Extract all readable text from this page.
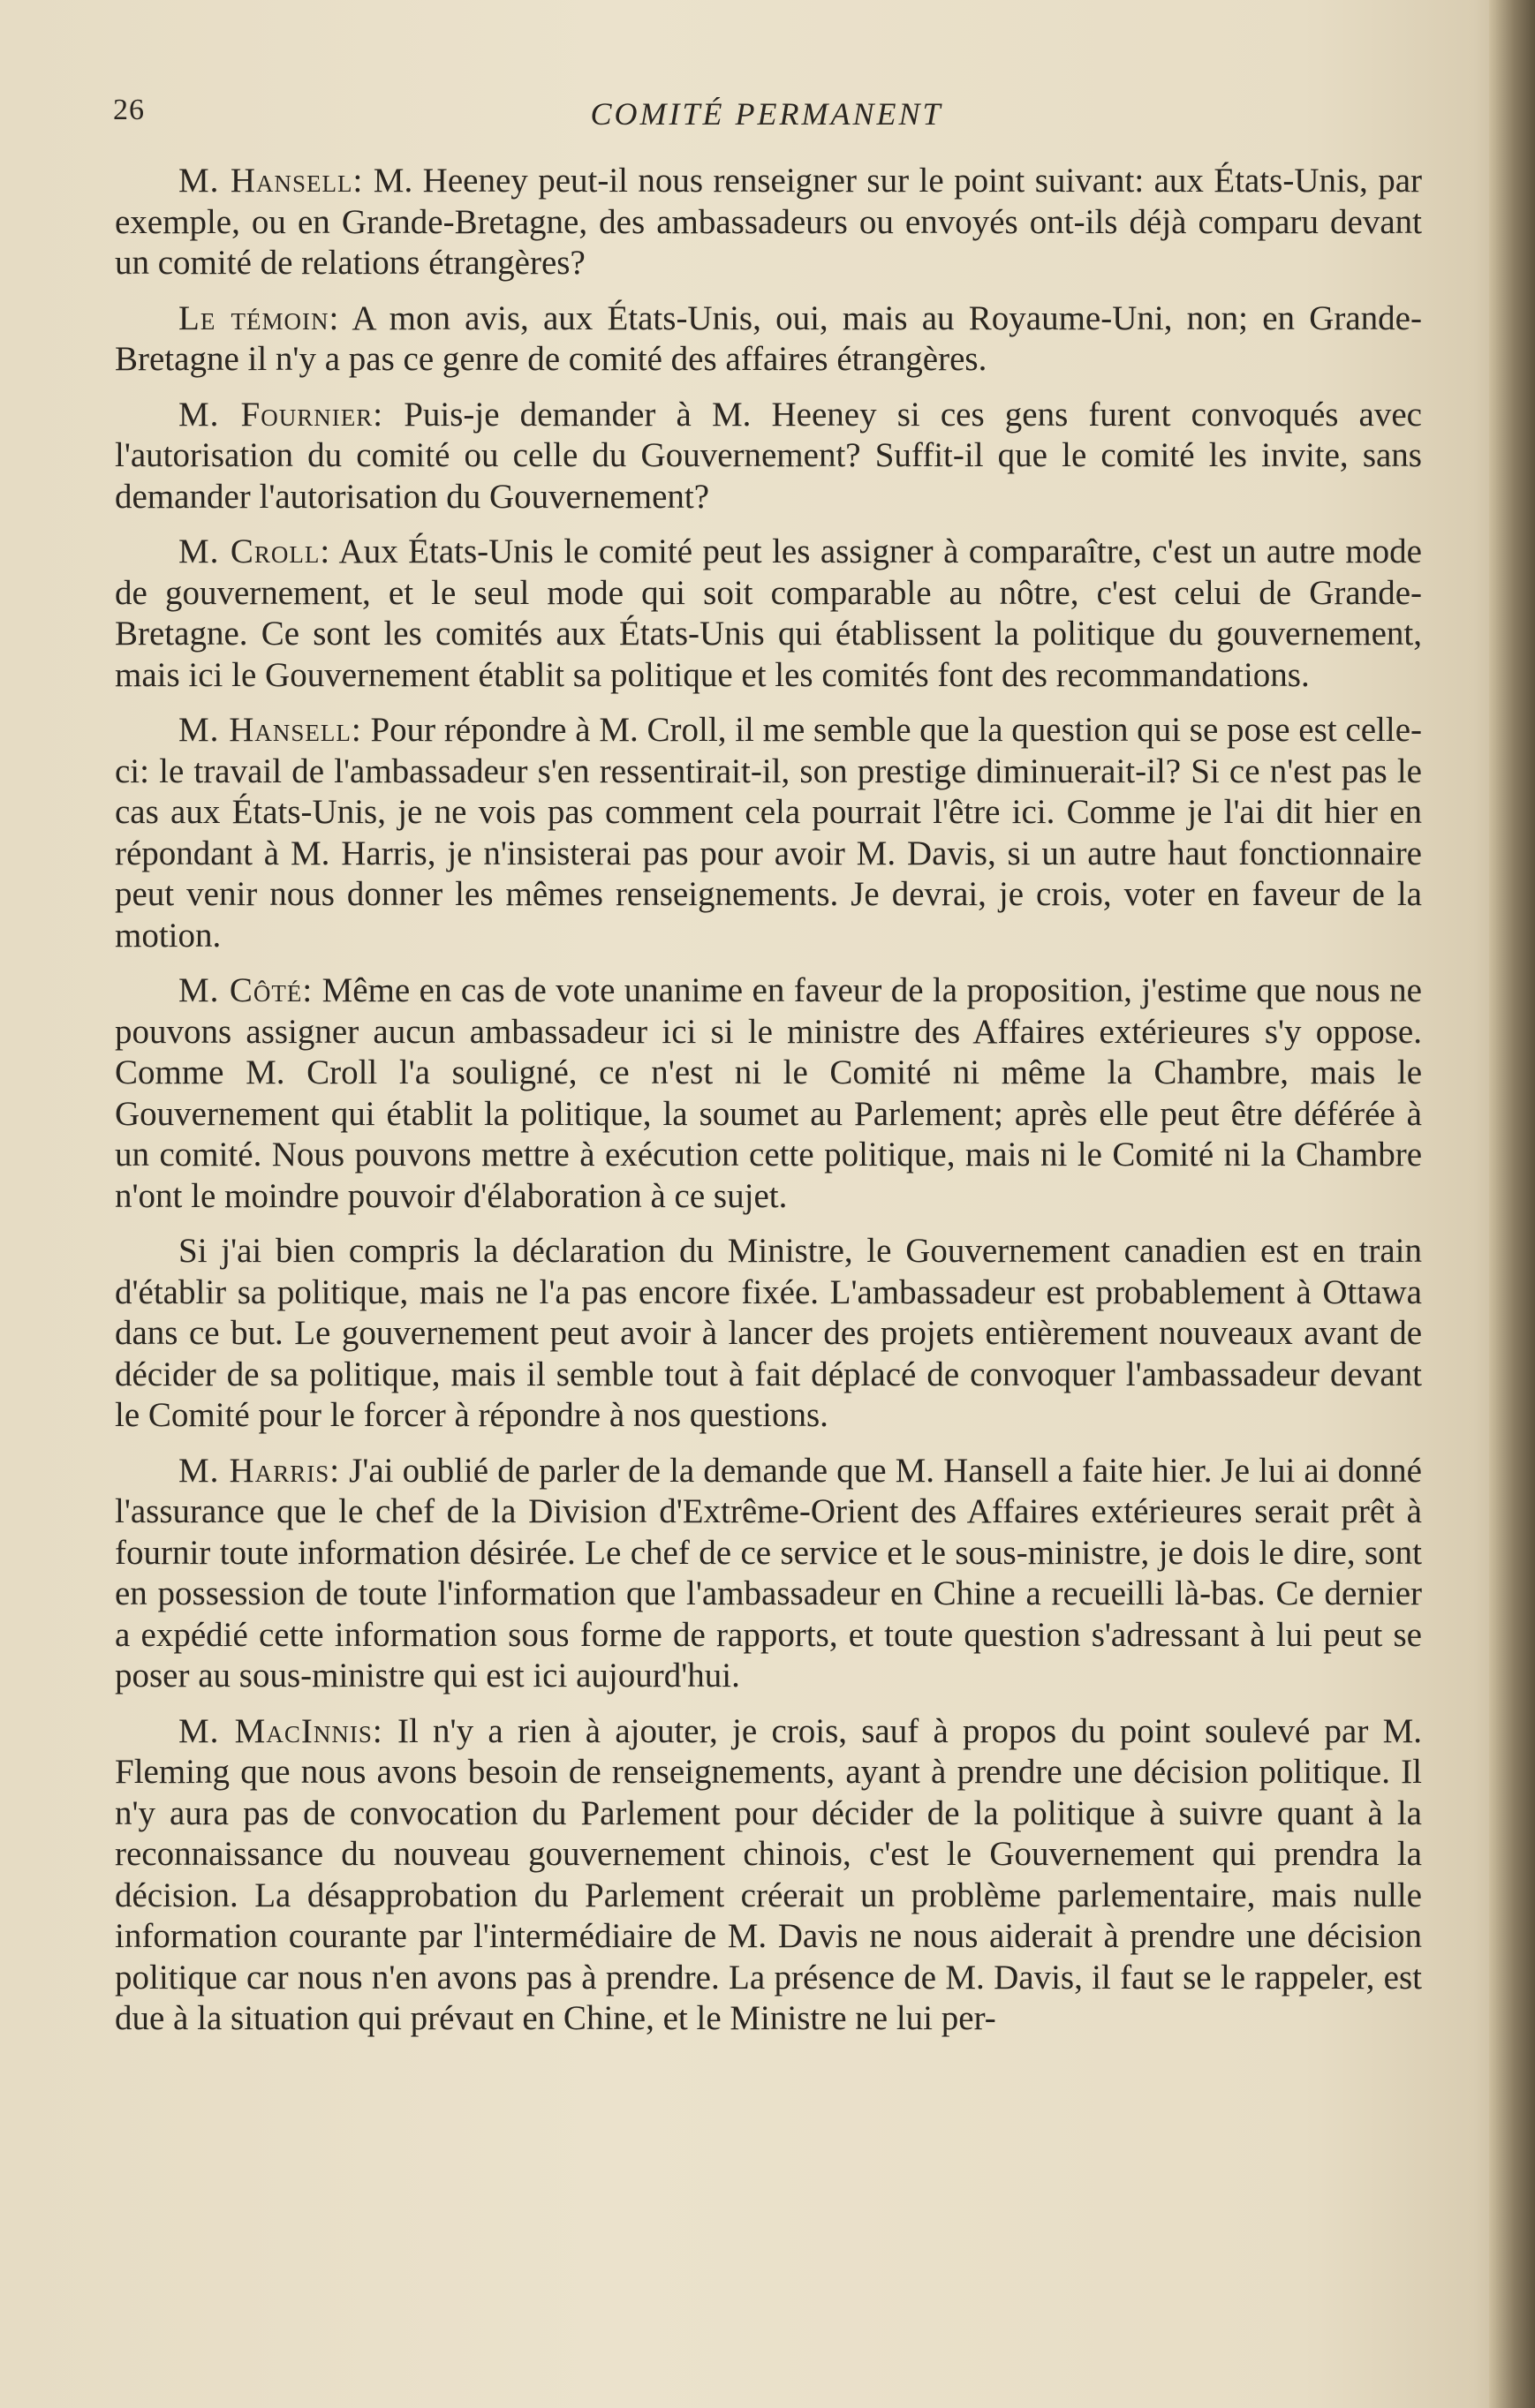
26	COMITÉ PERMANENT

M. Hansell: M. Heeney peut-il nous renseigner sur le point suivant: aux États-Unis, par exemple, ou en Grande-Bretagne, des ambassadeurs ou envoyés ont-ils déjà comparu devant un comité de relations étrangères?

Le témoin: A mon avis, aux États-Unis, oui, mais au Royaume-Uni, non; en Grande-Bretagne il n'y a pas ce genre de comité des affaires étrangères.

M. Fournier: Puis-je demander à M. Heeney si ces gens furent convoqués avec l'autorisation du comité ou celle du Gouvernement? Suffit-il que le comité les invite, sans demander l'autorisation du Gouvernement?

M. Croll: Aux États-Unis le comité peut les assigner à comparaître, c'est un autre mode de gouvernement, et le seul mode qui soit comparable au nôtre, c'est celui de Grande-Bretagne. Ce sont les comités aux États-Unis qui établissent la politique du gouvernement, mais ici le Gouvernement établit sa politique et les comités font des recommandations.

M. Hansell: Pour répondre à M. Croll, il me semble que la question qui se pose est celle-ci: le travail de l'ambassadeur s'en ressentirait-il, son prestige diminuerait-il? Si ce n'est pas le cas aux États-Unis, je ne vois pas comment cela pourrait l'être ici. Comme je l'ai dit hier en répondant à M. Harris, je n'insisterai pas pour avoir M. Davis, si un autre haut fonctionnaire peut venir nous donner les mêmes renseignements. Je devrai, je crois, voter en faveur de la motion.

M. Côté: Même en cas de vote unanime en faveur de la proposition, j'estime que nous ne pouvons assigner aucun ambassadeur ici si le ministre des Affaires extérieures s'y oppose. Comme M. Croll l'a souligné, ce n'est ni le Comité ni même la Chambre, mais le Gouvernement qui établit la politique, la soumet au Parlement; après elle peut être déférée à un comité. Nous pouvons mettre à exécution cette politique, mais ni le Comité ni la Chambre n'ont le moindre pouvoir d'élaboration à ce sujet.

Si j'ai bien compris la déclaration du Ministre, le Gouvernement canadien est en train d'établir sa politique, mais ne l'a pas encore fixée. L'ambassadeur est probablement à Ottawa dans ce but. Le gouvernement peut avoir à lancer des projets entièrement nouveaux avant de décider de sa politique, mais il semble tout à fait déplacé de convoquer l'ambassadeur devant le Comité pour le forcer à répondre à nos questions.

M. Harris: J'ai oublié de parler de la demande que M. Hansell a faite hier. Je lui ai donné l'assurance que le chef de la Division d'Extrême-Orient des Affaires extérieures serait prêt à fournir toute information désirée. Le chef de ce service et le sous-ministre, je dois le dire, sont en possession de toute l'information que l'ambassadeur en Chine a recueilli là-bas. Ce dernier a expédié cette information sous forme de rapports, et toute question s'adressant à lui peut se poser au sous-ministre qui est ici aujourd'hui.

M. MacInnis: Il n'y a rien à ajouter, je crois, sauf à propos du point soulevé par M. Fleming que nous avons besoin de renseignements, ayant à prendre une décision politique. Il n'y aura pas de convocation du Parlement pour décider de la politique à suivre quant à la reconnaissance du nouveau gouvernement chinois, c'est le Gouvernement qui prendra la décision. La désapprobation du Parlement créerait un problème parlementaire, mais nulle information courante par l'intermédiaire de M. Davis ne nous aiderait à prendre une décision politique car nous n'en avons pas à prendre. La présence de M. Davis, il faut se le rappeler, est due à la situation qui prévaut en Chine, et le Ministre ne lui per-
